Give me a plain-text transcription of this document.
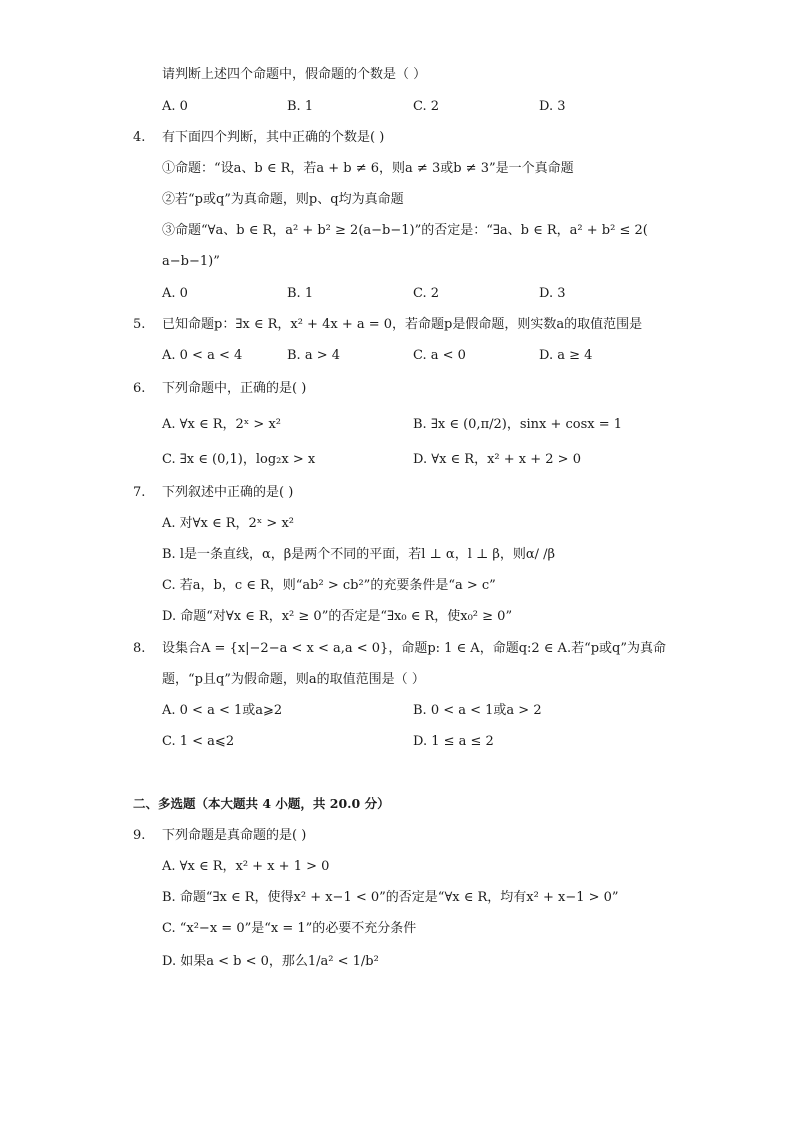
请判断上述四个命题中，假命题的个数是（ ）
A. 0	B. 1	C. 2	D. 3
4. 有下面四个判断，其中正确的个数是( )
①命题：“设a、b ∈ R，若a + b ≠ 6，则a ≠ 3或b ≠ 3”是一个真命题
②若“p或q”为真命题，则p、q均为真命题
③命题“∀a、b ∈ R，a² + b² ≥ 2(a−b−1)”的否定是：“∃a、b ∈ R，a² + b² ≤ 2(
a−b−1)”
A. 0	B. 1	C. 2	D. 3
5. 已知命题p：∃x ∈ R，x² + 4x + a = 0，若命题p是假命题，则实数a的取值范围是
A. 0 < a < 4	B. a > 4	C. a < 0	D. a ≥ 4
6. 下列命题中，正确的是( )
A. ∀x ∈ R，2ˣ > x²	B. ∃x ∈ (0,π/2)，sinx + cosx = 1
C. ∃x ∈ (0,1)，log₂x > x	D. ∀x ∈ R，x² + x + 2 > 0
7. 下列叙述中正确的是( )
A. 对∀x ∈ R，2ˣ > x²
B. l是一条直线，α，β是两个不同的平面，若l ⊥ α，l ⊥ β，则α/ /β
C. 若a，b，c ∈ R，则“ab² > cb²”的充要条件是“a > c”
D. 命题“对∀x ∈ R，x² ≥ 0”的否定是“∃x₀ ∈ R，使x₀² ≥ 0”
8. 设集合A = {x|−2−a < x < a,a < 0}，命题p: 1 ∈ A，命题q:2 ∈ A.若“p或q”为真命
题，“p且q”为假命题，则a的取值范围是（ ）
A. 0 < a < 1或a⩾2	B. 0 < a < 1或a > 2
C. 1 < a⩽2	D. 1 ≤ a ≤ 2
二、多选题（本大题共 4 小题，共 20.0 分）
9. 下列命题是真命题的是( )
A. ∀x ∈ R，x² + x + 1 > 0
B. 命题“∃x ∈ R，使得x² + x−1 < 0”的否定是“∀x ∈ R，均有x² + x−1 > 0”
C. “x²−x = 0”是“x = 1”的必要不充分条件
D. 如果a < b < 0，那么1/a² < 1/b²
